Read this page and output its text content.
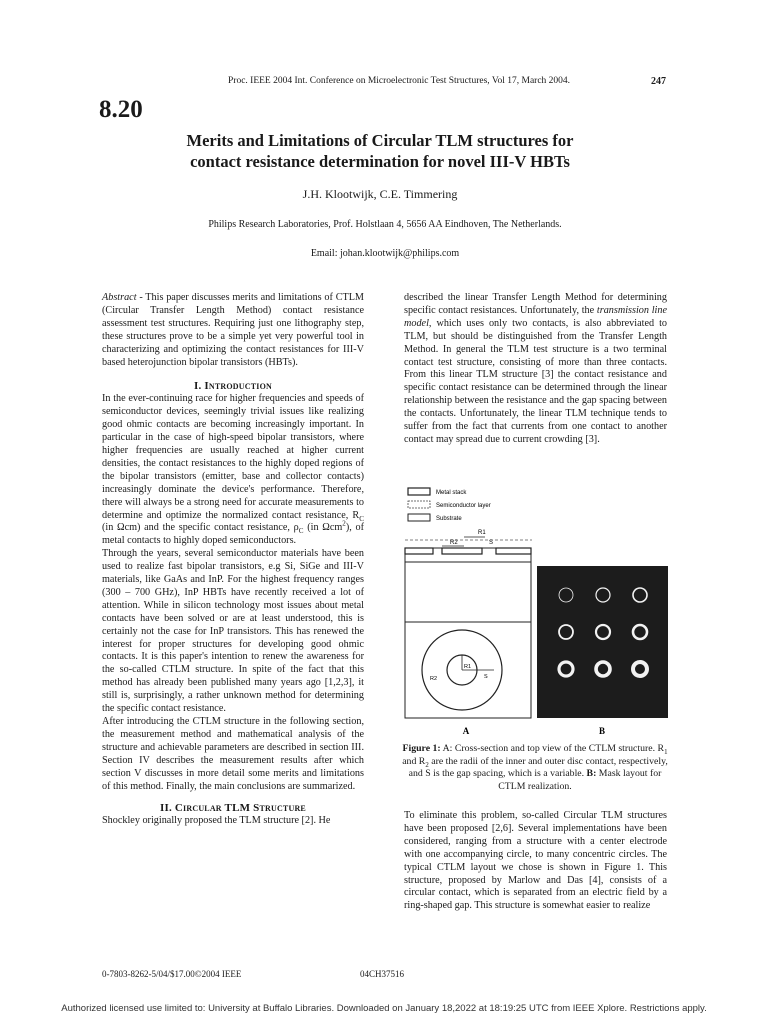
Proc. IEEE 2004 Int. Conference on Microelectronic Test Structures, Vol 17, March 2004.	247
8.20
Merits and Limitations of Circular TLM structures for
contact resistance determination for novel III-V HBTs
J.H. Klootwijk, C.E. Timmering
Philips Research Laboratories, Prof. Holstlaan 4, 5656 AA Eindhoven, The Netherlands.
Email: johan.klootwijk@philips.com

Abstract - This paper discusses merits and limitations of CTLM (Circular Transfer Length Method) contact resistance assessment test structures. Requiring just one lithography step, these structures prove to be a simple yet very powerful tool in characterizing and optimizing the contact resistances for III-V based heterojunction bipolar transistors (HBTs).

I. Introduction

In the ever-continuing race for higher frequencies and speeds of semiconductor devices, seemingly trivial issues like realizing good ohmic contacts are becoming increasingly important. In particular in the case of high-speed bipolar transistors, where higher frequencies are usually reached at higher current densities, the contact resistances to the highly doped regions of the bipolar transistors (emitter, base and collector contacts) increasingly dominate the device's performance. Therefore, there will always be a strong need for accurate measurements to determine and optimize the normalized contact resistance, $R_C$ (in Ωcm) and the specific contact resistance, $\rho_C$ (in Ωcm$^2$), of metal contacts to highly doped semiconductors.

Through the years, several semiconductor materials have been used to realize fast bipolar transistors, e.g Si, SiGe and III-V materials, like GaAs and InP. For the highest frequency ranges (300 – 700 GHz), InP HBTs have recently received a lot of attention. While in silicon technology most issues about metal contacts have been solved or are at least understood, this is certainly not the case for InP transistors. This has renewed the interest for proper structures for developing good ohmic contacts. It is this paper's intention to renew the awareness for the so-called CTLM structure. In spite of the fact that this method has already been published many years ago [1,2,3], it still is, surprisingly, a rather unknown method for determining the specific contact resistance.

After introducing the CTLM structure in the following section, the measurement method and mathematical analysis of the structure and achievable parameters are described in section III. Section IV describes the measurement results after which section V discusses in more detail some merits and limitations of this method. Finally, the main conclusions are summarized.

II. Circular TLM Structure

Shockley originally proposed the TLM structure [2]. He

described the linear Transfer Length Method for determining specific contact resistances. Unfortunately, the transmission line model, which uses only two contacts, is also abbreviated to TLM, but should be distinguished from the Transfer Length Method. In general the TLM test structure is a two terminal contact test structure, consisting of more than three contacts. From this linear TLM structure [3] the contact resistance and specific contact resistance can be determined through the linear relationship between the resistance and the gap spacing between the contacts. Unfortunately, the linear TLM technique tends to suffer from the fact that currents from one contact to another contact may spread due to current crowding [3].

Metal stack
Semiconductor layer
Substrate
R1
R2	S
R1
R2	S
A	B
Figure 1: A: Cross-section and top view of the CTLM structure. $R_1$ and $R_2$ are the radii of the inner and outer disc contact, respectively, and S is the gap spacing, which is a variable. B: Mask layout for CTLM realization.

To eliminate this problem, so-called Circular TLM structures have been proposed [2,6]. Several implementations have been considered, ranging from a structure with a center electrode with one accompanying circle, to many concentric circles. The typical CTLM layout we chose is shown in Figure 1. This structure, proposed by Marlow and Das [4], consists of a circular contact, which is separated from an electric field by a ring-shaped gap. This structure is somewhat easier to realize

0-7803-8262-5/04/$17.00©2004 IEEE	04CH37516
Authorized licensed use limited to: University at Buffalo Libraries. Downloaded on January 18,2022 at 18:19:25 UTC from IEEE Xplore. Restrictions apply.
